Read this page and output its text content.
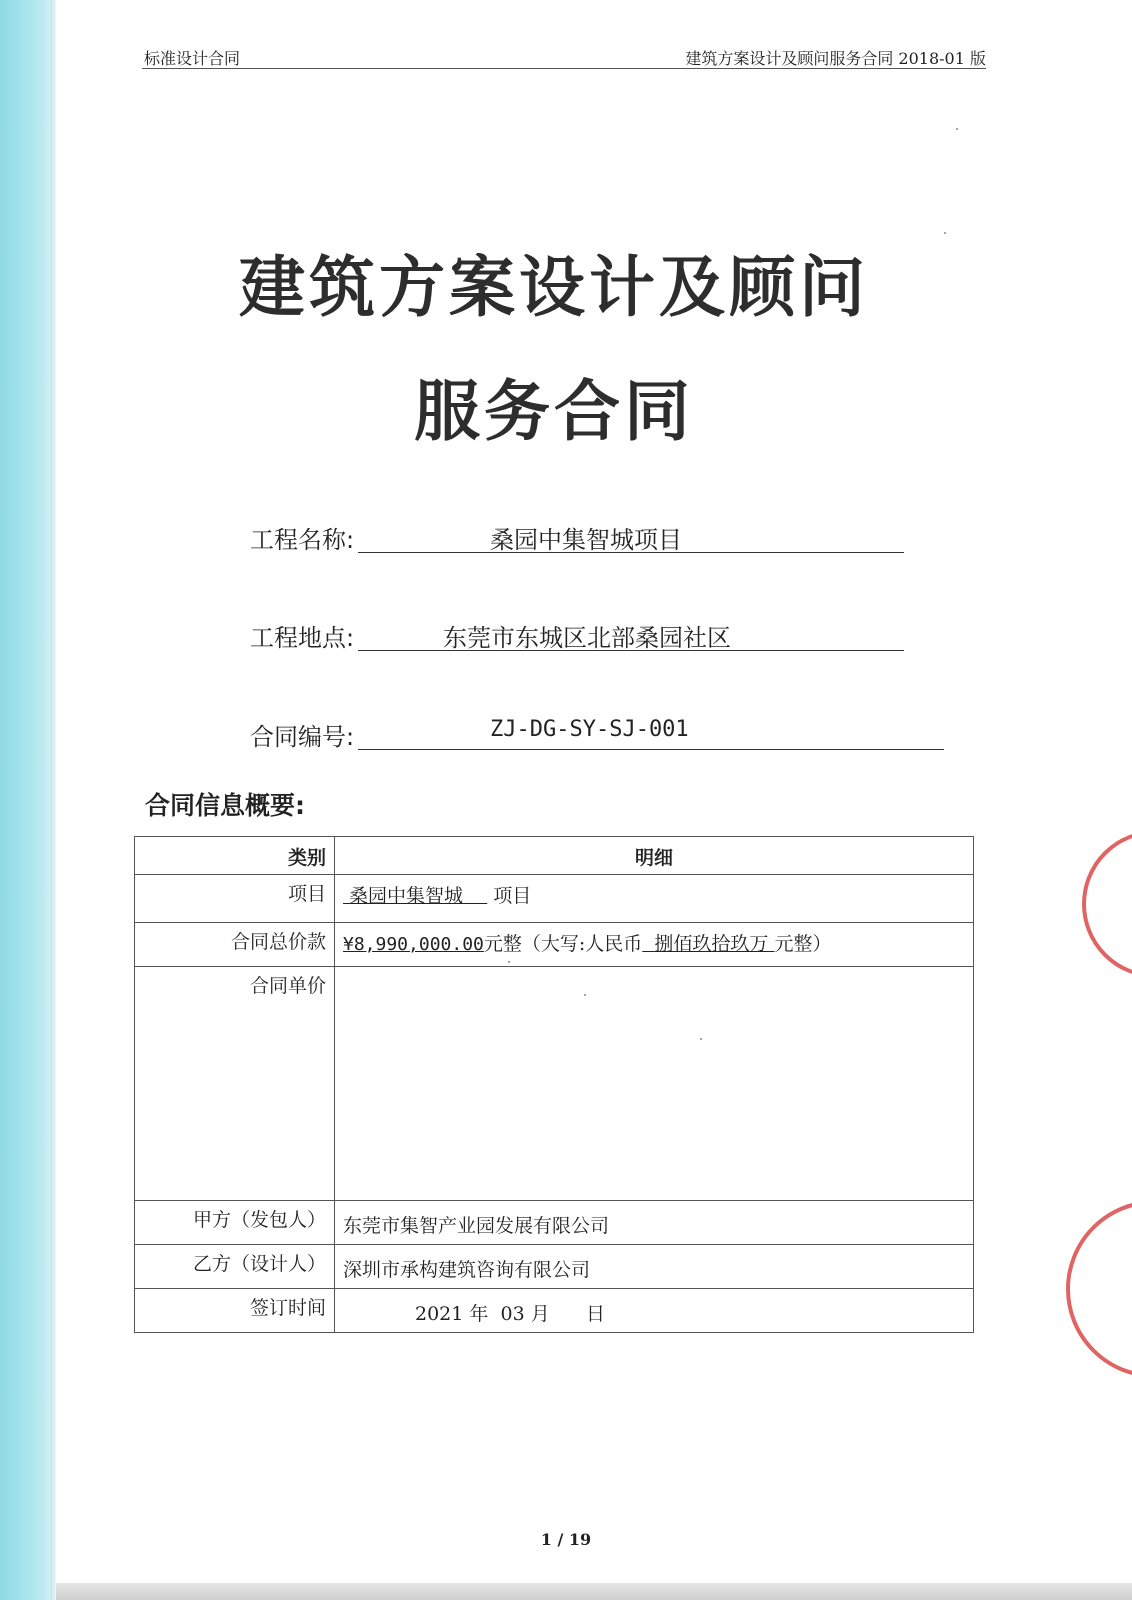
标准设计合同	建筑方案设计及顾问服务合同 2018-01 版
建筑方案设计及顾问
服务合同
工程名称:	桑园中集智城项目
工程地点:	东莞市东城区北部桑园社区
合同编号:	ZJ-DG-SY-SJ-001
合同信息概要:
类别	明细
项目	桑园中集智城 项目
合同总价款	¥8,990,000.00元整（大写:人民币 捌佰玖拾玖万 元整）
合同单价	
甲方（发包人）	东莞市集智产业园发展有限公司
乙方（设计人）	深圳市承构建筑咨询有限公司
签订时间	2021 年 03 月 日
1 / 19
